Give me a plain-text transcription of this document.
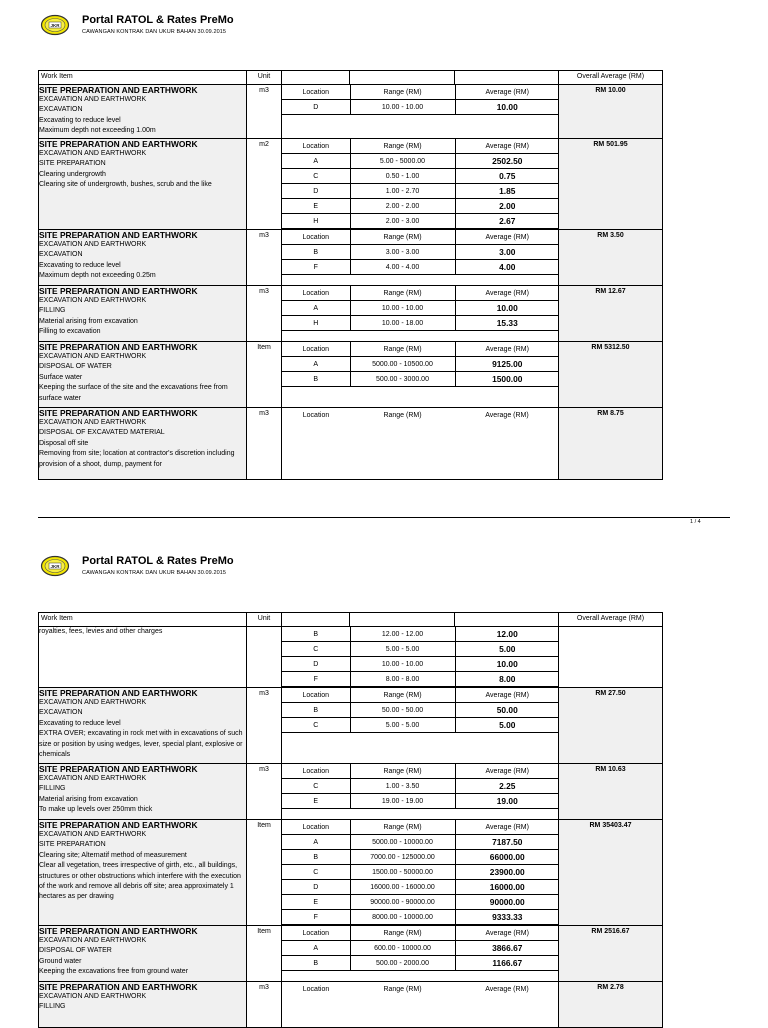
JKR Portal RATOL & Rates PreMo
CAWANGAN KONTRAK DAN UKUR BAHAN 30.09.2015
Work Item	Unit				Overall Average (RM)

SITE PREPARATION AND EARTHWORK
EXCAVATION AND EARTHWORK
EXCAVATION
Excavating to reduce level
Maximum depth not exceeding 1.00m
	m3		Location	Range (RM)	Average (RM)
D	10.00 - 10.00	10.00
	RM 10.00

SITE PREPARATION AND EARTHWORK
EXCAVATION AND EARTHWORK
SITE PREPARATION
Clearing undergrowth
Clearing site of undergrowth, bushes, scrub and the like
	m2		Location	Range (RM)	Average (RM)
A	5.00 - 5000.00	2502.50
C	0.50 - 1.00	0.75
D	1.00 - 2.70	1.85
E	2.00 - 2.00	2.00
H	2.00 - 3.00	2.67
	RM 501.95

SITE PREPARATION AND EARTHWORK
EXCAVATION AND EARTHWORK
EXCAVATION
Excavating to reduce level
Maximum depth not exceeding 0.25m
	m3		Location	Range (RM)	Average (RM)
B	3.00 - 3.00	3.00
F	4.00 - 4.00	4.00
	RM 3.50

SITE PREPARATION AND EARTHWORK
EXCAVATION AND EARTHWORK
FILLING
Material arising from excavation
Filling to excavation
	m3		Location	Range (RM)	Average (RM)
A	10.00 - 10.00	10.00
H	10.00 - 18.00	15.33
	RM 12.67

SITE PREPARATION AND EARTHWORK
EXCAVATION AND EARTHWORK
DISPOSAL OF WATER
Surface water
Keeping the surface of the site and the excavations free from surface water
	Item		Location	Range (RM)	Average (RM)
A	5000.00 - 10500.00	9125.00
B	500.00 - 3000.00	1500.00
	RM 5312.50

SITE PREPARATION AND EARTHWORK
EXCAVATION AND EARTHWORK
DISPOSAL OF EXCAVATED MATERIAL
Disposal off site
Removing from site; location at contractor's discretion including provision of a shoot, dump, payment for
	m3		Location	Range (RM)	Average (RM)
		RM 8.75
1 / 4
JKR Portal RATOL & Rates PreMo
CAWANGAN KONTRAK DAN UKUR BAHAN 30.09.2015
Work Item	Unit				Overall Average (RM)

royalties, fees, levies and other charges
			B	12.00 - 12.00	12.00
C	5.00 - 5.00	5.00
D	10.00 - 10.00	10.00
F	8.00 - 8.00	8.00

SITE PREPARATION AND EARTHWORK
EXCAVATION AND EARTHWORK
EXCAVATION
Excavating to reduce level
EXTRA OVER; excavating in rock met with in excavations of such size or position by using wedges, lever, special plant, explosive or chemicals
	m3		Location	Range (RM)	Average (RM)
B	50.00 - 50.00	50.00
C	5.00 - 5.00	5.00
	RM 27.50

SITE PREPARATION AND EARTHWORK
EXCAVATION AND EARTHWORK
FILLING
Material arising from excavation
To make up levels over 250mm thick
	m3		Location	Range (RM)	Average (RM)
C	1.00 - 3.50	2.25
E	19.00 - 19.00	19.00
	RM 10.63

SITE PREPARATION AND EARTHWORK
EXCAVATION AND EARTHWORK
SITE PREPARATION
Clearing site; Alternatif method of measurement
Clear all vegetation, trees irrespective of girth, etc., all buildings, structures or other obstructions which interfere with the execution of the work and remove all debris off site; area approximately 1 hectares as per drawing
	Item		Location	Range (RM)	Average (RM)
A	5000.00 - 10000.00	7187.50
B	7000.00 - 125000.00	66000.00
C	1500.00 - 50000.00	23900.00
D	16000.00 - 16000.00	16000.00
E	90000.00 - 90000.00	90000.00
F	8000.00 - 10000.00	9333.33
	RM 35403.47

SITE PREPARATION AND EARTHWORK
EXCAVATION AND EARTHWORK
DISPOSAL OF WATER
Ground water
Keeping the excavations free from ground water
	Item		Location	Range (RM)	Average (RM)
A	600.00 - 10000.00	3866.67
B	500.00 - 2000.00	1166.67
	RM 2516.67

SITE PREPARATION AND EARTHWORK
EXCAVATION AND EARTHWORK
FILLING
	m3		Location	Range (RM)	Average (RM)
		RM 2.78
